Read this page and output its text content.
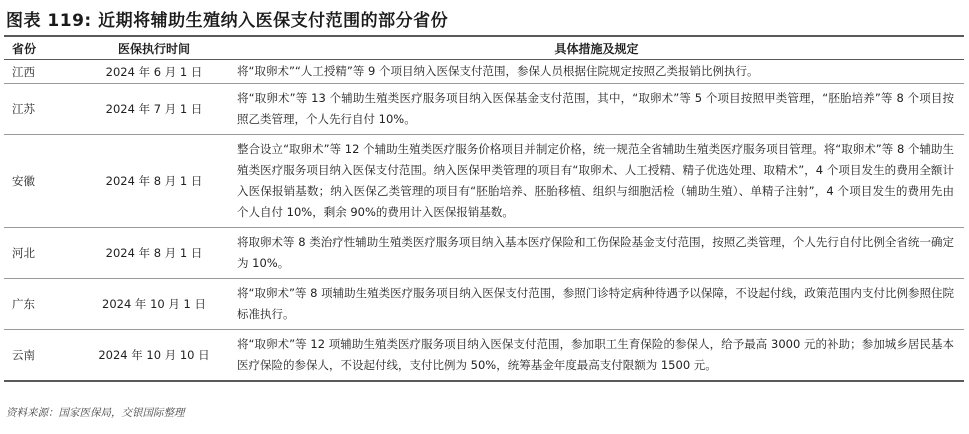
图表 119: 近期将辅助生殖纳入医保支付范围的部分省份
省份	医保执行时间	具体措施及规定
江西	2024 年 6 月 1 日	将“取卵术”“人工授精”等 9 个项目纳入医保支付范围，参保人员根据住院规定按照乙类报销比例执行。
江苏	2024 年 7 月 1 日	将“取卵术”等 13 个辅助生殖类医疗服务项目纳入医保基金支付范围，其中，“取卵术”等 5 个项目按照甲类管理，“胚胎培养”等 8 个项目按照乙类管理，个人先行自付 10%。
安徽	2024 年 8 月 1 日	整合设立“取卵术”等 12 个辅助生殖类医疗服务价格项目并制定价格，统一规范全省辅助生殖类医疗服务项目管理。将“取卵术”等 8 个辅助生殖类医疗服务项目纳入医保支付范围。纳入医保甲类管理的项目有“取卵术、人工授精、精子优选处理、取精术”，4 个项目发生的费用全额计入医保报销基数；纳入医保乙类管理的项目有“胚胎培养、胚胎移植、组织与细胞活检（辅助生殖）、单精子注射”，4 个项目发生的费用先由个人自付 10%，剩余 90%的费用计入医保报销基数。
河北	2024 年 8 月 1 日	将取卵术等 8 类治疗性辅助生殖类医疗服务项目纳入基本医疗保险和工伤保险基金支付范围，按照乙类管理，个人先行自付比例全省统一确定为 10%。
广东	2024 年 10 月 1 日	将“取卵术”等 8 项辅助生殖类医疗服务项目纳入医保支付范围，参照门诊特定病种待遇予以保障，不设起付线，政策范围内支付比例参照住院标准执行。
云南	2024 年 10 月 10 日	将“取卵术”等 12 项辅助生殖类医疗服务项目纳入医保支付范围，参加职工生育保险的参保人，给予最高 3000 元的补助；参加城乡居民基本医疗保险的参保人，不设起付线，支付比例为 50%，统筹基金年度最高支付限额为 1500 元。
资料来源：国家医保局，交银国际整理
